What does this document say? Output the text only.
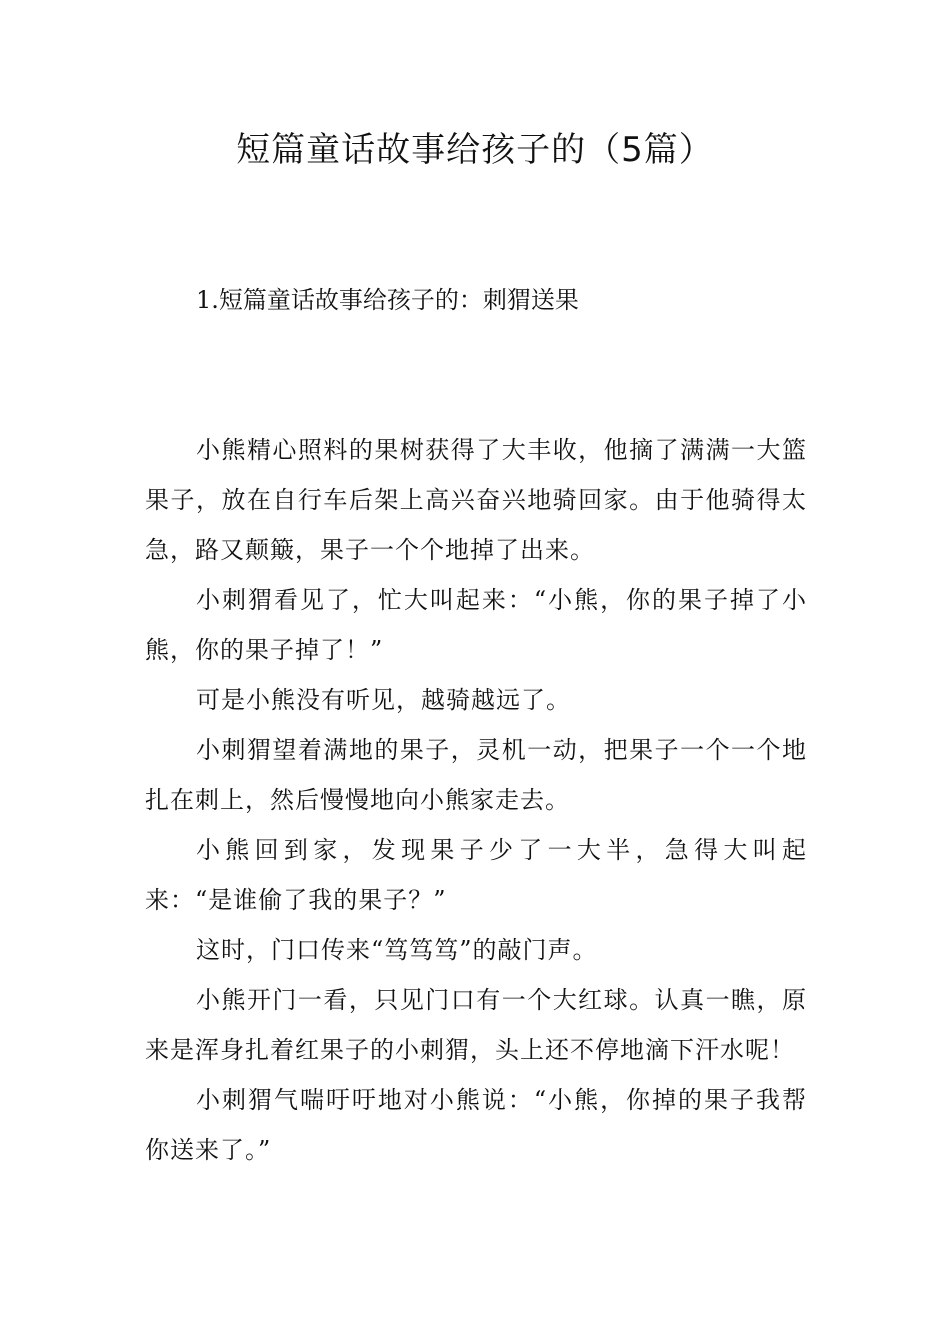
短篇童话故事给孩子的（5篇）
1.短篇童话故事给孩子的：刺猬送果

小熊精心照料的果树获得了大丰收，他摘了满满一大篮果子，放在自行车后架上高兴奋兴地骑回家。由于他骑得太急，路又颠簸，果子一个个地掉了出来。

小刺猬看见了，忙大叫起来：“小熊，你的果子掉了小熊，你的果子掉了！”

可是小熊没有听见，越骑越远了。

小刺猬望着满地的果子，灵机一动，把果子一个一个地扎在刺上，然后慢慢地向小熊家走去。

小熊回到家，发现果子少了一大半，急得大叫起来：“是谁偷了我的果子？”

这时，门口传来“笃笃笃”的敲门声。

小熊开门一看，只见门口有一个大红球。认真一瞧，原来是浑身扎着红果子的小刺猬，头上还不停地滴下汗水呢！

小刺猬气喘吁吁地对小熊说：“小熊，你掉的果子我帮你送来了。”
